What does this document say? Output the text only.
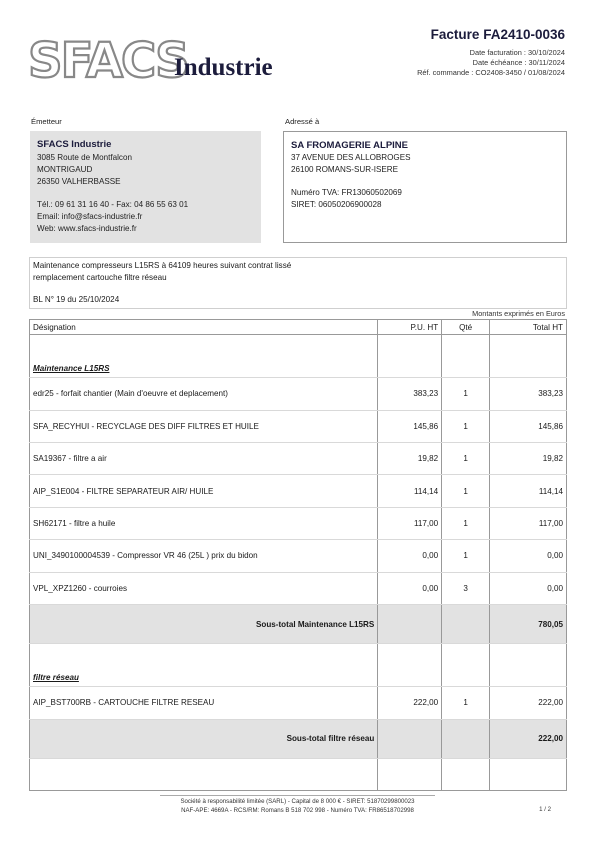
SFACS
Industrie
Facture FA2410-0036
Date facturation : 30/10/2024
Date échéance : 30/11/2024
Réf. commande : CO2408-3450 / 01/08/2024
Émetteur	Adressé à
SFACS Industrie
3085 Route de Montfalcon
MONTRIGAUD
26350 VALHERBASSE
Tél.: 09 61 31 16 40 - Fax: 04 86 55 63 01
Email: info@sfacs-industrie.fr
Web: www.sfacs-industrie.fr
SA FROMAGERIE ALPINE
37 AVENUE DES ALLOBROGES
26100 ROMANS-SUR-ISERE
Numéro TVA: FR13060502069
SIRET: 06050206900028
Maintenance compresseurs L15RS à 64109 heures suivant contrat lissé
remplacement cartouche filtre réseau
BL N° 19 du 25/10/2024
Montants exprimés en Euros
Désignation	P.U. HT	Qté	Total HT
Maintenance L15RS			
edr25 - forfait chantier (Main d'oeuvre et deplacement)	383,23	1	383,23
SFA_RECYHUI - RECYCLAGE DES DIFF FILTRES ET HUILE	145,86	1	145,86
SA19367 - filtre a air	19,82	1	19,82
AIP_S1E004 - FILTRE SEPARATEUR AIR/ HUILE	114,14	1	114,14
SH62171 - filtre a huile	117,00	1	117,00
UNI_3490100004539 - Compressor VR 46 (25L ) prix du bidon	0,00	1	0,00
VPL_XPZ1260 - courroies	0,00	3	0,00
Sous-total Maintenance L15RS			780,05
filtre réseau			
AIP_BST700RB - CARTOUCHE FILTRE RESEAU	222,00	1	222,00
Sous-total filtre réseau			222,00

Société à responsabilité limitée (SARL) - Capital de 8 000 € - SIRET: 51870299800023
NAF-APE: 4669A - RCS/RM: Romans B 518 702 998 - Numéro TVA: FR86518702998	1 / 2
